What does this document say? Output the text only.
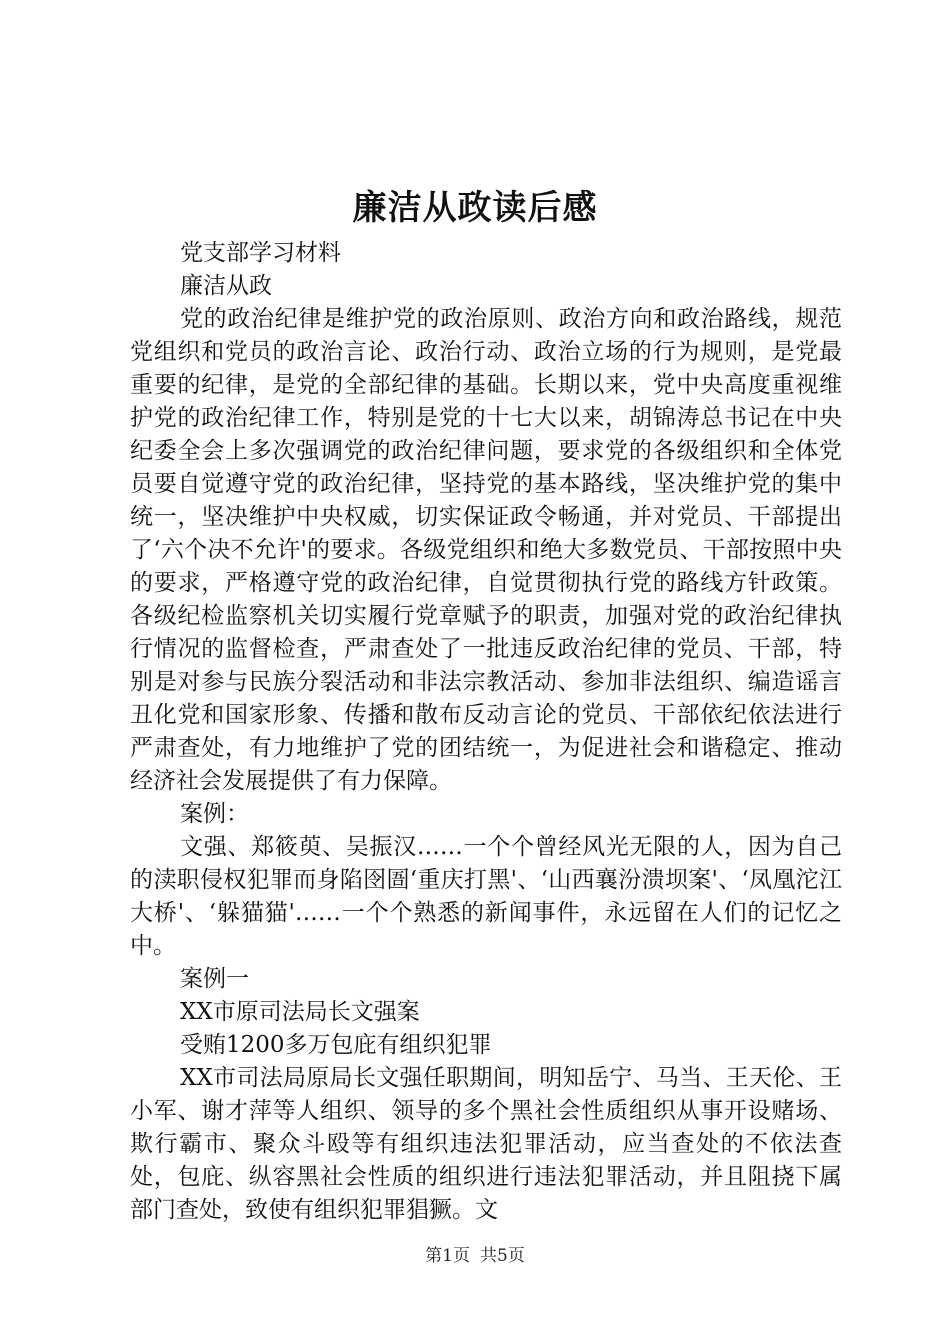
廉洁从政读后感

党支部学习材料

廉洁从政

党的政治纪律是维护党的政治原则、政治方向和政治路线，规范党组织和党员的政治言论、政治行动、政治立场的行为规则，是党最重要的纪律，是党的全部纪律的基础。长期以来，党中央高度重视维护党的政治纪律工作，特别是党的十七大以来，胡锦涛总书记在中央纪委全会上多次强调党的政治纪律问题，要求党的各级组织和全体党员要自觉遵守党的政治纪律，坚持党的基本路线，坚决维护党的集中统一，坚决维护中央权威，切实保证政令畅通，并对党员、干部提出了‘六个决不允许'的要求。各级党组织和绝大多数党员、干部按照中央的要求，严格遵守党的政治纪律，自觉贯彻执行党的路线方针政策。各级纪检监察机关切实履行党章赋予的职责，加强对党的政治纪律执行情况的监督检查，严肃查处了一批违反政治纪律的党员、干部，特别是对参与民族分裂活动和非法宗教活动、参加非法组织、编造谣言丑化党和国家形象、传播和散布反动言论的党员、干部依纪依法进行严肃查处，有力地维护了党的团结统一，为促进社会和谐稳定、推动经济社会发展提供了有力保障。

案例：

文强、郑筱萸、吴振汉……一个个曾经风光无限的人，因为自己的渎职侵权犯罪而身陷囹圄‘重庆打黑'、‘山西襄汾溃坝案'、‘凤凰沱江大桥'、‘躲猫猫'……一个个熟悉的新闻事件，永远留在人们的记忆之中。

案例一

XX市原司法局长文强案

受贿1200多万包庇有组织犯罪

XX市司法局原局长文强任职期间，明知岳宁、马当、王天伦、王小军、谢才萍等人组织、领导的多个黑社会性质组织从事开设赌场、欺行霸市、聚众斗殴等有组织违法犯罪活动，应当查处的不依法查处，包庇、纵容黑社会性质的组织进行违法犯罪活动，并且阻挠下属部门查处，致使有组织犯罪猖獗。文

第1页 共5页
